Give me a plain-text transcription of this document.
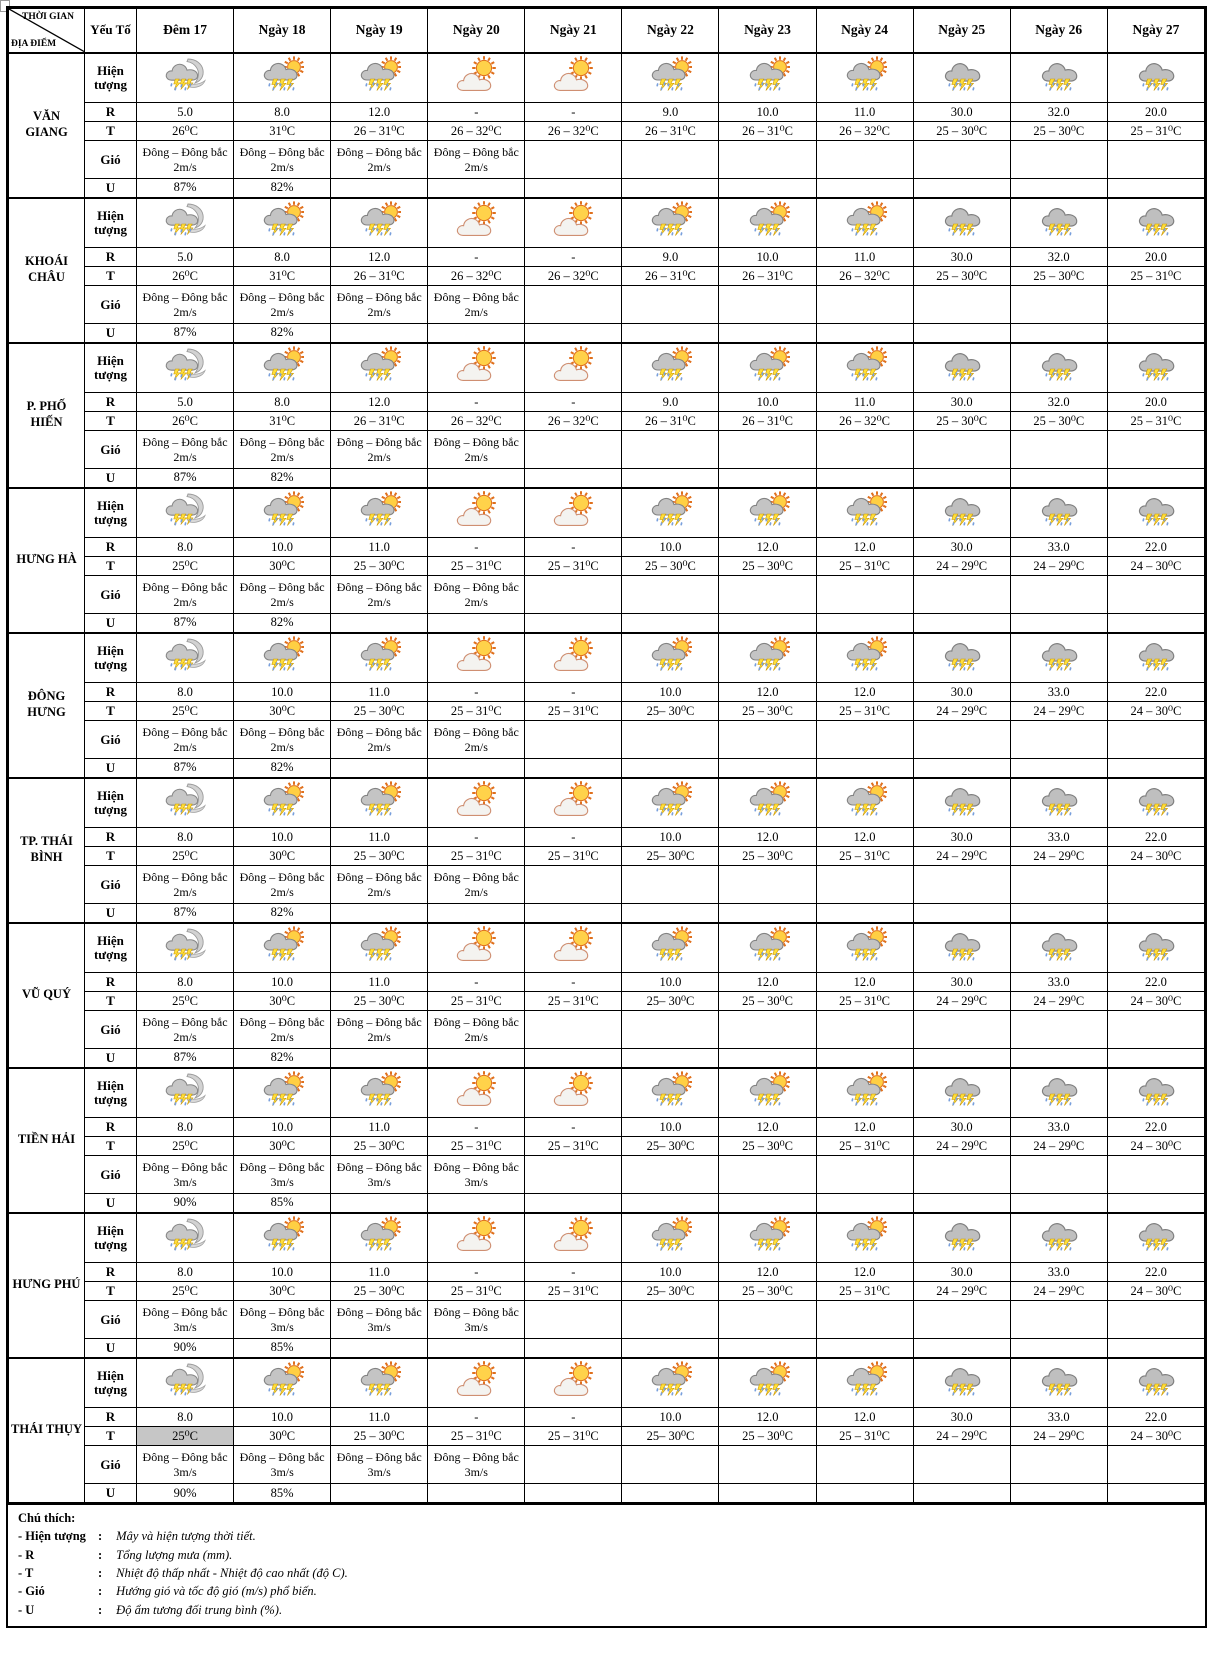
THỜI GIAN
ĐỊA ĐIỂM	Yếu Tố	Đêm 17	Ngày 18	Ngày 19	Ngày 20	Ngày 21	Ngày 22	Ngày 23	Ngày 24	Ngày 25	Ngày 26	Ngày 27
VĂN GIANG	Hiện tượng											
	R	5.0	8.0	12.0	-	-	9.0	10.0	11.0	30.0	32.0	20.0
	T	26⁰C	31⁰C	26 – 31⁰C	26 – 32⁰C	26 – 32⁰C	26 – 31⁰C	26 – 31⁰C	26 – 32⁰C	25 – 30⁰C	25 – 30⁰C	25 – 31⁰C
	Gió	Đông – Đông bắc 2m/s	Đông – Đông bắc 2m/s	Đông – Đông bắc 2m/s	Đông – Đông bắc 2m/s							
	U	87%	82%									
KHOÁI CHÂU	Hiện tượng											
	R	5.0	8.0	12.0	-	-	9.0	10.0	11.0	30.0	32.0	20.0
	T	26⁰C	31⁰C	26 – 31⁰C	26 – 32⁰C	26 – 32⁰C	26 – 31⁰C	26 – 31⁰C	26 – 32⁰C	25 – 30⁰C	25 – 30⁰C	25 – 31⁰C
	Gió	Đông – Đông bắc 2m/s	Đông – Đông bắc 2m/s	Đông – Đông bắc 2m/s	Đông – Đông bắc 2m/s							
	U	87%	82%									
P. PHỐ HIẾN	Hiện tượng											
	R	5.0	8.0	12.0	-	-	9.0	10.0	11.0	30.0	32.0	20.0
	T	26⁰C	31⁰C	26 – 31⁰C	26 – 32⁰C	26 – 32⁰C	26 – 31⁰C	26 – 31⁰C	26 – 32⁰C	25 – 30⁰C	25 – 30⁰C	25 – 31⁰C
	Gió	Đông – Đông bắc 2m/s	Đông – Đông bắc 2m/s	Đông – Đông bắc 2m/s	Đông – Đông bắc 2m/s							
	U	87%	82%									
HƯNG HÀ	Hiện tượng											
	R	8.0	10.0	11.0	-	-	10.0	12.0	12.0	30.0	33.0	22.0
	T	25⁰C	30⁰C	25 – 30⁰C	25 – 31⁰C	25 – 31⁰C	25 – 30⁰C	25 – 30⁰C	25 – 31⁰C	24 – 29⁰C	24 – 29⁰C	24 – 30⁰C
	Gió	Đông – Đông bắc 2m/s	Đông – Đông bắc 2m/s	Đông – Đông bắc 2m/s	Đông – Đông bắc 2m/s							
	U	87%	82%									
ĐÔNG HƯNG	Hiện tượng											
	R	8.0	10.0	11.0	-	-	10.0	12.0	12.0	30.0	33.0	22.0
	T	25⁰C	30⁰C	25 – 30⁰C	25 – 31⁰C	25 – 31⁰C	25– 30⁰C	25 – 30⁰C	25 – 31⁰C	24 – 29⁰C	24 – 29⁰C	24 – 30⁰C
	Gió	Đông – Đông bắc 2m/s	Đông – Đông bắc 2m/s	Đông – Đông bắc 2m/s	Đông – Đông bắc 2m/s							
	U	87%	82%									
TP. THÁI BÌNH	Hiện tượng											
	R	8.0	10.0	11.0	-	-	10.0	12.0	12.0	30.0	33.0	22.0
	T	25⁰C	30⁰C	25 – 30⁰C	25 – 31⁰C	25 – 31⁰C	25– 30⁰C	25 – 30⁰C	25 – 31⁰C	24 – 29⁰C	24 – 29⁰C	24 – 30⁰C
	Gió	Đông – Đông bắc 2m/s	Đông – Đông bắc 2m/s	Đông – Đông bắc 2m/s	Đông – Đông bắc 2m/s							
	U	87%	82%									
VŨ QUÝ	Hiện tượng											
	R	8.0	10.0	11.0	-	-	10.0	12.0	12.0	30.0	33.0	22.0
	T	25⁰C	30⁰C	25 – 30⁰C	25 – 31⁰C	25 – 31⁰C	25– 30⁰C	25 – 30⁰C	25 – 31⁰C	24 – 29⁰C	24 – 29⁰C	24 – 30⁰C
	Gió	Đông – Đông bắc 2m/s	Đông – Đông bắc 2m/s	Đông – Đông bắc 2m/s	Đông – Đông bắc 2m/s							
	U	87%	82%									
TIỀN HẢI	Hiện tượng											
	R	8.0	10.0	11.0	-	-	10.0	12.0	12.0	30.0	33.0	22.0
	T	25⁰C	30⁰C	25 – 30⁰C	25 – 31⁰C	25 – 31⁰C	25– 30⁰C	25 – 30⁰C	25 – 31⁰C	24 – 29⁰C	24 – 29⁰C	24 – 30⁰C
	Gió	Đông – Đông bắc 3m/s	Đông – Đông bắc 3m/s	Đông – Đông bắc 3m/s	Đông – Đông bắc 3m/s							
	U	90%	85%									
HƯNG PHÚ	Hiện tượng											
	R	8.0	10.0	11.0	-	-	10.0	12.0	12.0	30.0	33.0	22.0
	T	25⁰C	30⁰C	25 – 30⁰C	25 – 31⁰C	25 – 31⁰C	25– 30⁰C	25 – 30⁰C	25 – 31⁰C	24 – 29⁰C	24 – 29⁰C	24 – 30⁰C
	Gió	Đông – Đông bắc 3m/s	Đông – Đông bắc 3m/s	Đông – Đông bắc 3m/s	Đông – Đông bắc 3m/s							
	U	90%	85%									
THÁI THỤY	Hiện tượng											
	R	8.0	10.0	11.0	-	-	10.0	12.0	12.0	30.0	33.0	22.0
	T	25⁰C	30⁰C	25 – 30⁰C	25 – 31⁰C	25 – 31⁰C	25– 30⁰C	25 – 30⁰C	25 – 31⁰C	24 – 29⁰C	24 – 29⁰C	24 – 30⁰C
	Gió	Đông – Đông bắc 3m/s	Đông – Đông bắc 3m/s	Đông – Đông bắc 3m/s	Đông – Đông bắc 3m/s							
	U	90%	85%									
Chú thích:
- Hiện tượng : Mây và hiện tượng thời tiết.
- R	: Tổng lượng mưa (mm).
- T	: Nhiệt độ thấp nhất - Nhiệt độ cao nhất (độ C).
- Gió	: Hướng gió và tốc độ gió (m/s) phổ biến.
- U	: Độ ẩm tương đối trung bình (%).
